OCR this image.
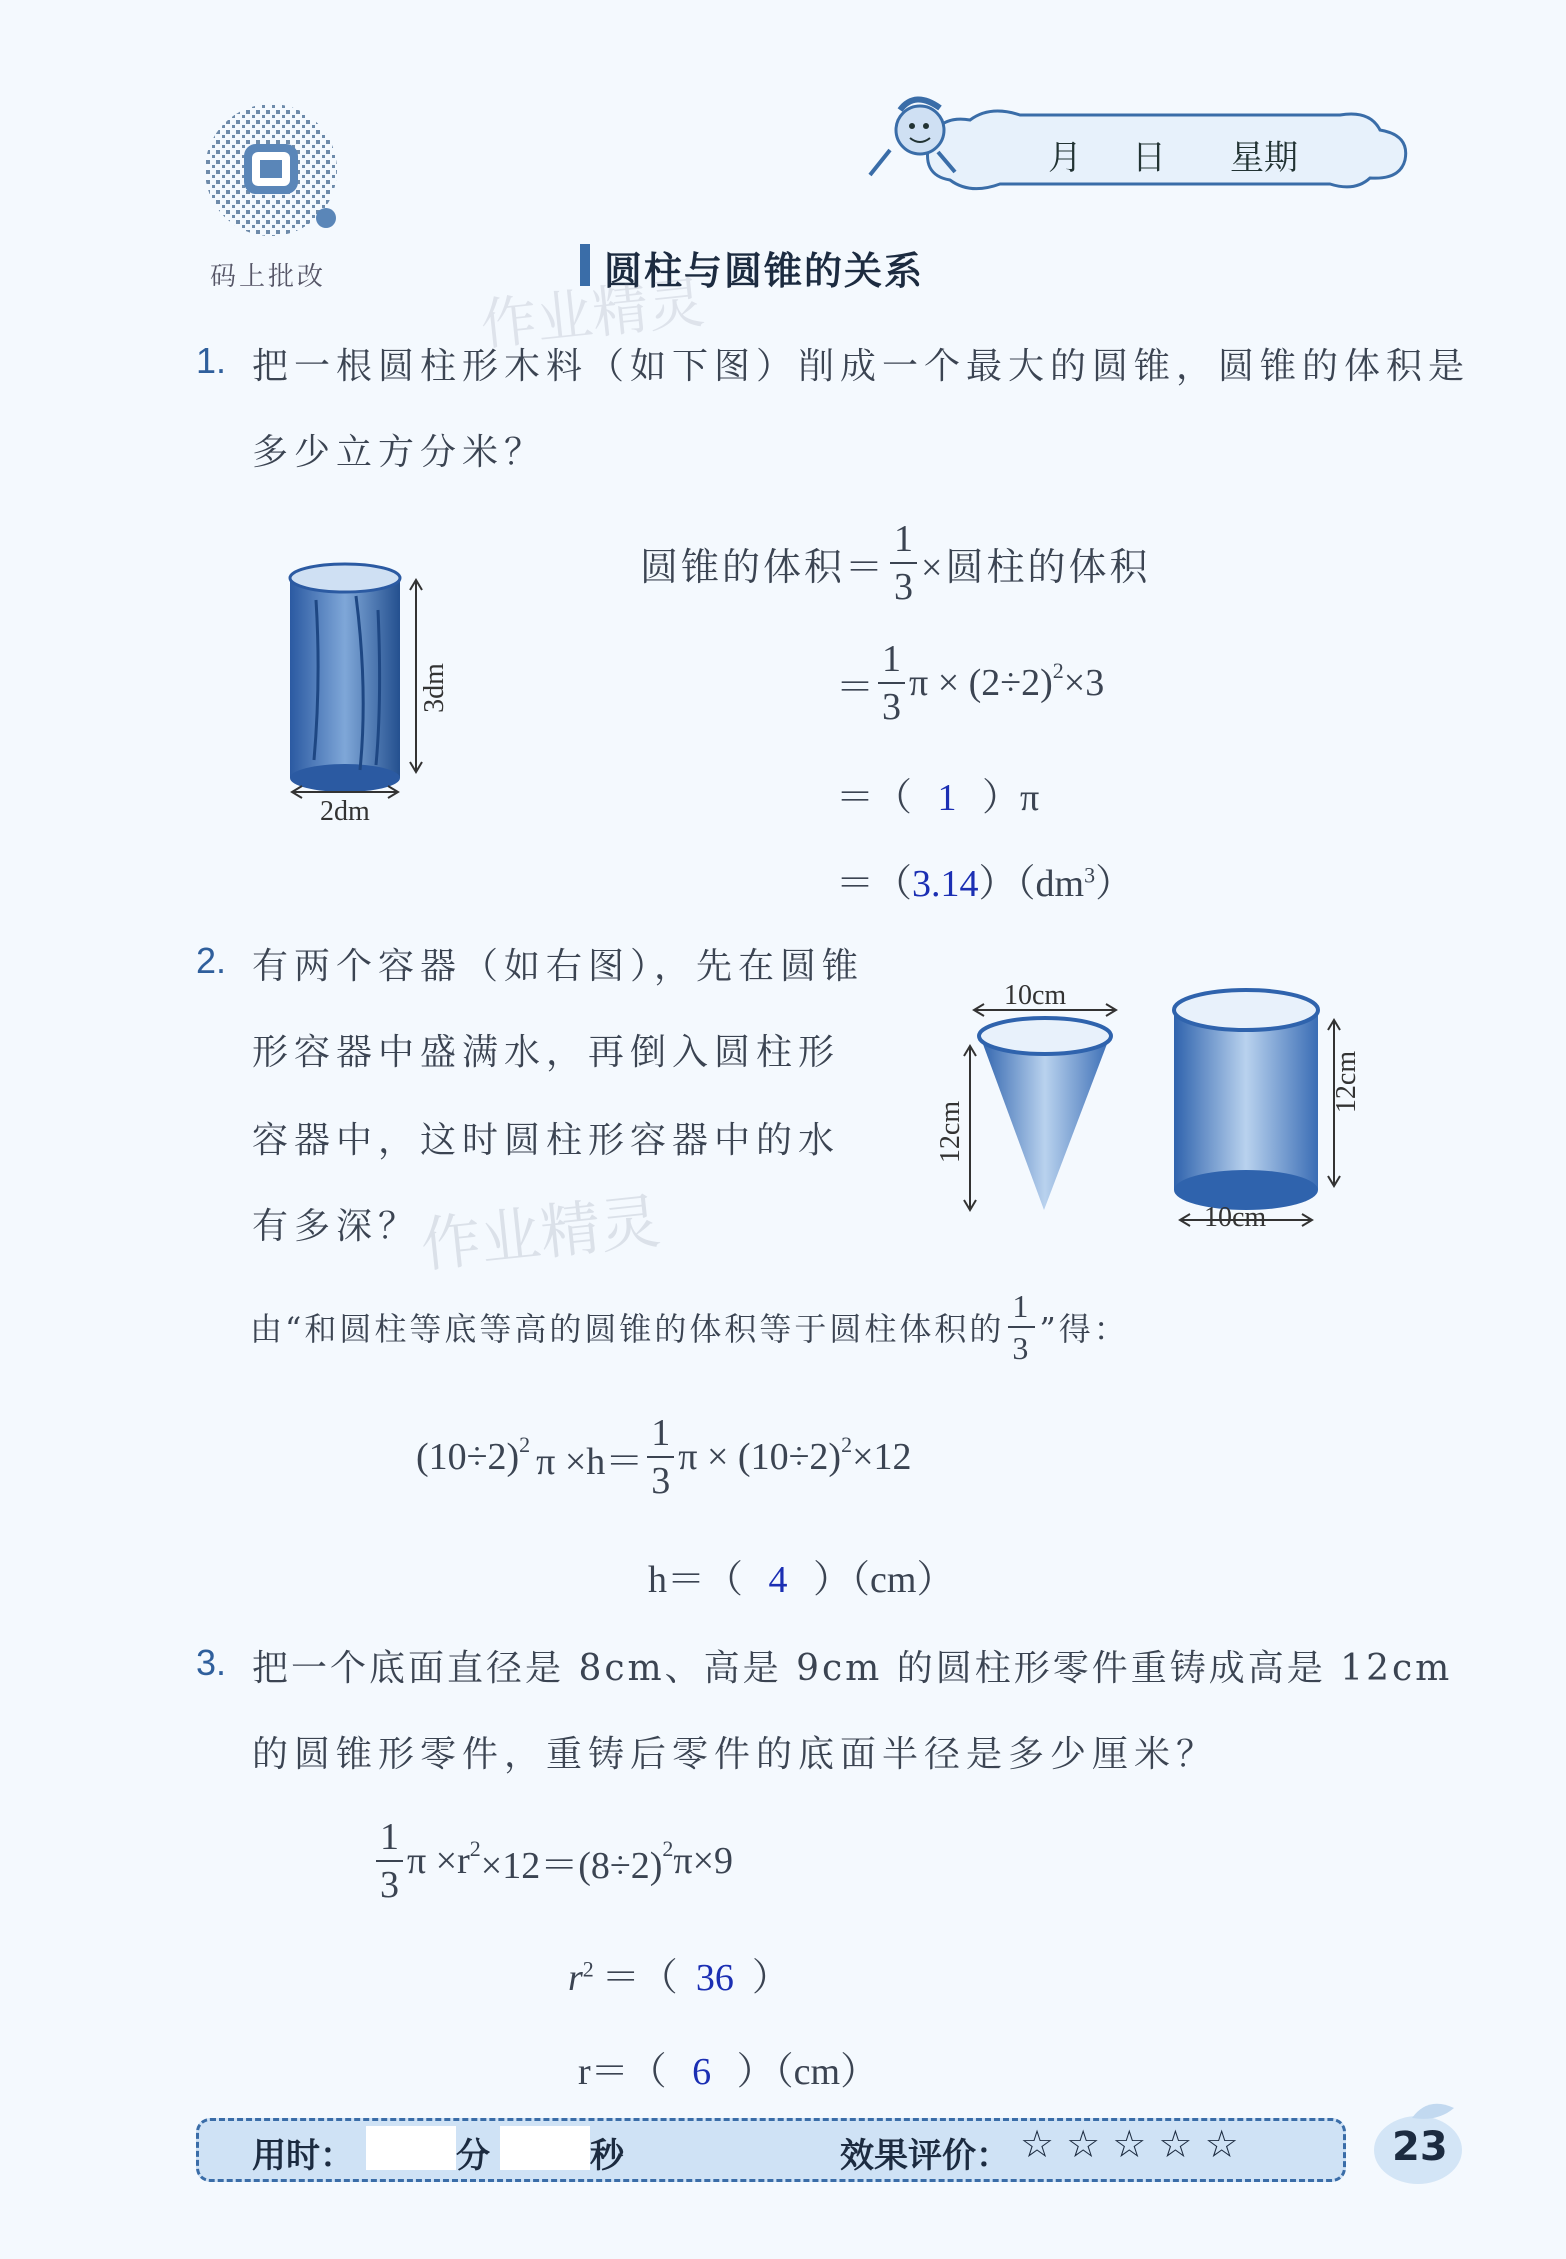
码上批改
月 日 星期
圆柱与圆锥的关系
作业精灵
1. 把一根圆柱形木料（如下图）削成一个最大的圆锥，圆锥的体积是
多少立方分米？
3dm
2dm
圆锥的体积＝ $\frac{1}{3}$ ×圆柱的体积
＝ $\frac{1}{3}$ $\pi \times (2\div 2)^2 \times 3$
＝（ 1 ）π
$=(3.14)(dm^3)$
2. 有两个容器（如右图），先在圆锥
形容器中盛满水，再倒入圆柱形
容器中，这时圆柱形容器中的水
有多深？
作业精灵
10cm
12cm
12cm
10cm
由“和圆柱等底等高的圆锥的体积等于圆柱体积的 $\frac{1}{3}$ ”得：
$(10\div 2)^2$ $\pi \times h= \frac{1}{3}$ $\pi \times (10\div 2)^2 \times 12$
h＝（ 4 ）（cm）
3. 把一个底面直径是 8cm、高是 9cm 的圆柱形零件重铸成高是 12cm
的圆锥形零件，重铸后零件的底面半径是多少厘米？
$\frac{1}{3}$ $\pi \times r^2 \times 12=(8\div 2)^2$ π×9
$r^2$ ＝（ 36 ）
r＝（ 6 ）（cm）
用时：	分	秒	效果评价： ☆ ☆ ☆ ☆ ☆	23
